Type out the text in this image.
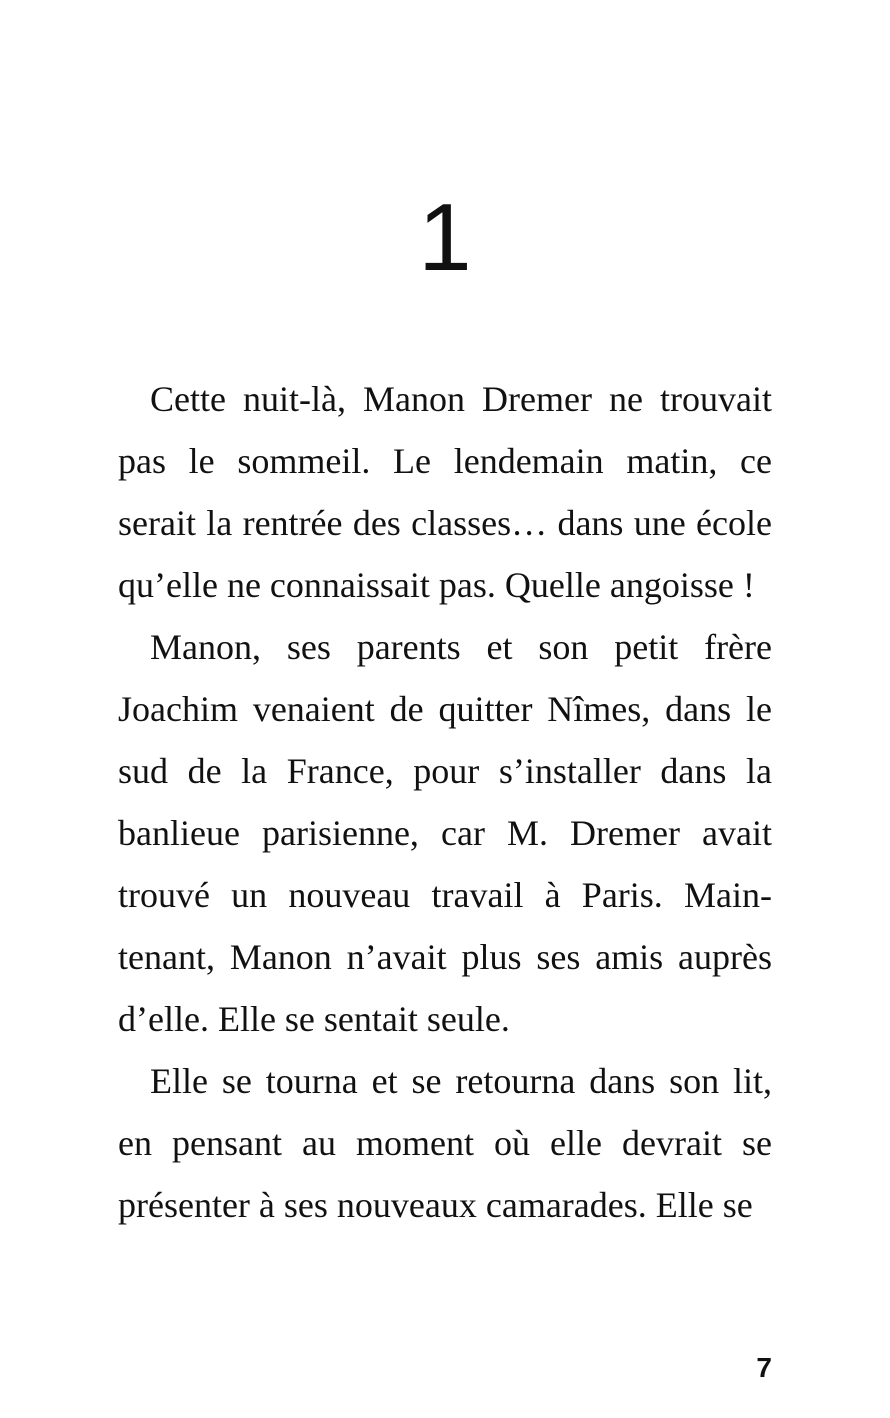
1

Cette nuit-là, Manon Dremer ne trouvait pas le sommeil. Le lendemain matin, ce serait la rentrée des classes… dans une école qu’elle ne connaissait pas. Quelle angoisse !

Manon, ses parents et son petit frère Joachim venaient de quitter Nîmes, dans le sud de la France, pour s’installer dans la banlieue parisienne, car M. Dremer avait trouvé un nouveau travail à Paris. Maintenant, Manon n’avait plus ses amis auprès d’elle. Elle se sentait seule.

Elle se tourna et se retourna dans son lit, en pensant au moment où elle devrait se présenter à ses nouveaux camarades. Elle se

7
